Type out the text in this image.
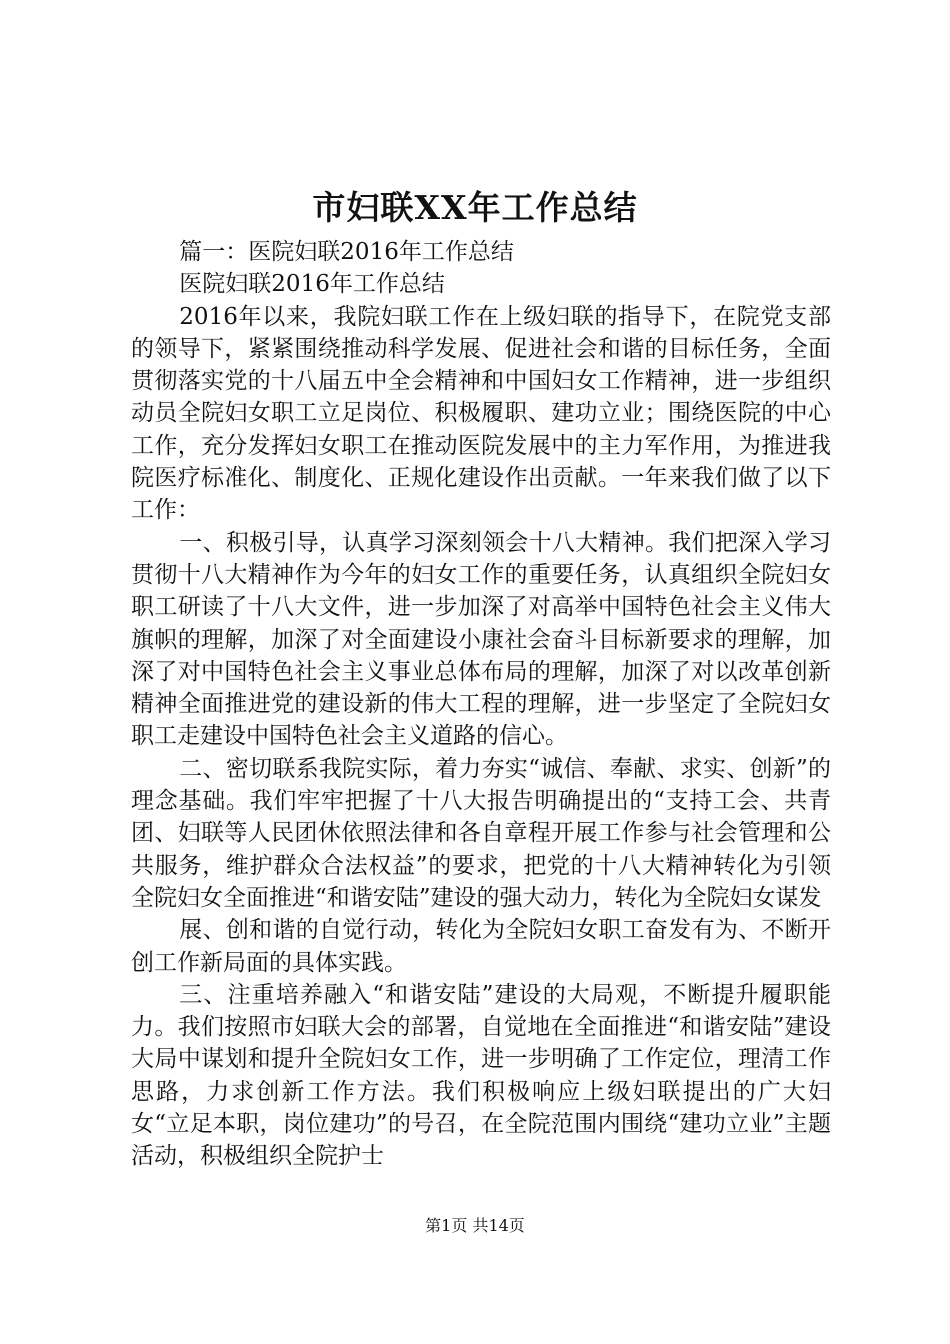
市妇联XX年工作总结

篇一：医院妇联2016年工作总结

医院妇联2016年工作总结

2016年以来，我院妇联工作在上级妇联的指导下，在院党支部的领导下，紧紧围绕推动科学发展、促进社会和谐的目标任务，全面贯彻落实党的十八届五中全会精神和中国妇女工作精神，进一步组织动员全院妇女职工立足岗位、积极履职、建功立业；围绕医院的中心工作，充分发挥妇女职工在推动医院发展中的主力军作用，为推进我院医疗标准化、制度化、正规化建设作出贡献。一年来我们做了以下工作：

一、积极引导，认真学习深刻领会十八大精神。我们把深入学习贯彻十八大精神作为今年的妇女工作的重要任务，认真组织全院妇女职工研读了十八大文件，进一步加深了对高举中国特色社会主义伟大旗帜的理解，加深了对全面建设小康社会奋斗目标新要求的理解，加深了对中国特色社会主义事业总体布局的理解，加深了对以改革创新精神全面推进党的建设新的伟大工程的理解，进一步坚定了全院妇女职工走建设中国特色社会主义道路的信心。

二、密切联系我院实际，着力夯实“诚信、奉献、求实、创新”的理念基础。我们牢牢把握了十八大报告明确提出的“支持工会、共青团、妇联等人民团休依照法律和各自章程开展工作参与社会管理和公共服务，维护群众合法权益”的要求，把党的十八大精神转化为引领全院妇女全面推进“和谐安陆”建设的强大动力，转化为全院妇女谋发

展、创和谐的自觉行动，转化为全院妇女职工奋发有为、不断开创工作新局面的具体实践。

三、注重培养融入“和谐安陆”建设的大局观，不断提升履职能力。我们按照市妇联大会的部署，自觉地在全面推进“和谐安陆”建设大局中谋划和提升全院妇女工作，进一步明确了工作定位，理清工作思路，力求创新工作方法。我们积极响应上级妇联提出的广大妇女“立足本职，岗位建功”的号召，在全院范围内围绕“建功立业”主题活动，积极组织全院护士

第1页 共14页
